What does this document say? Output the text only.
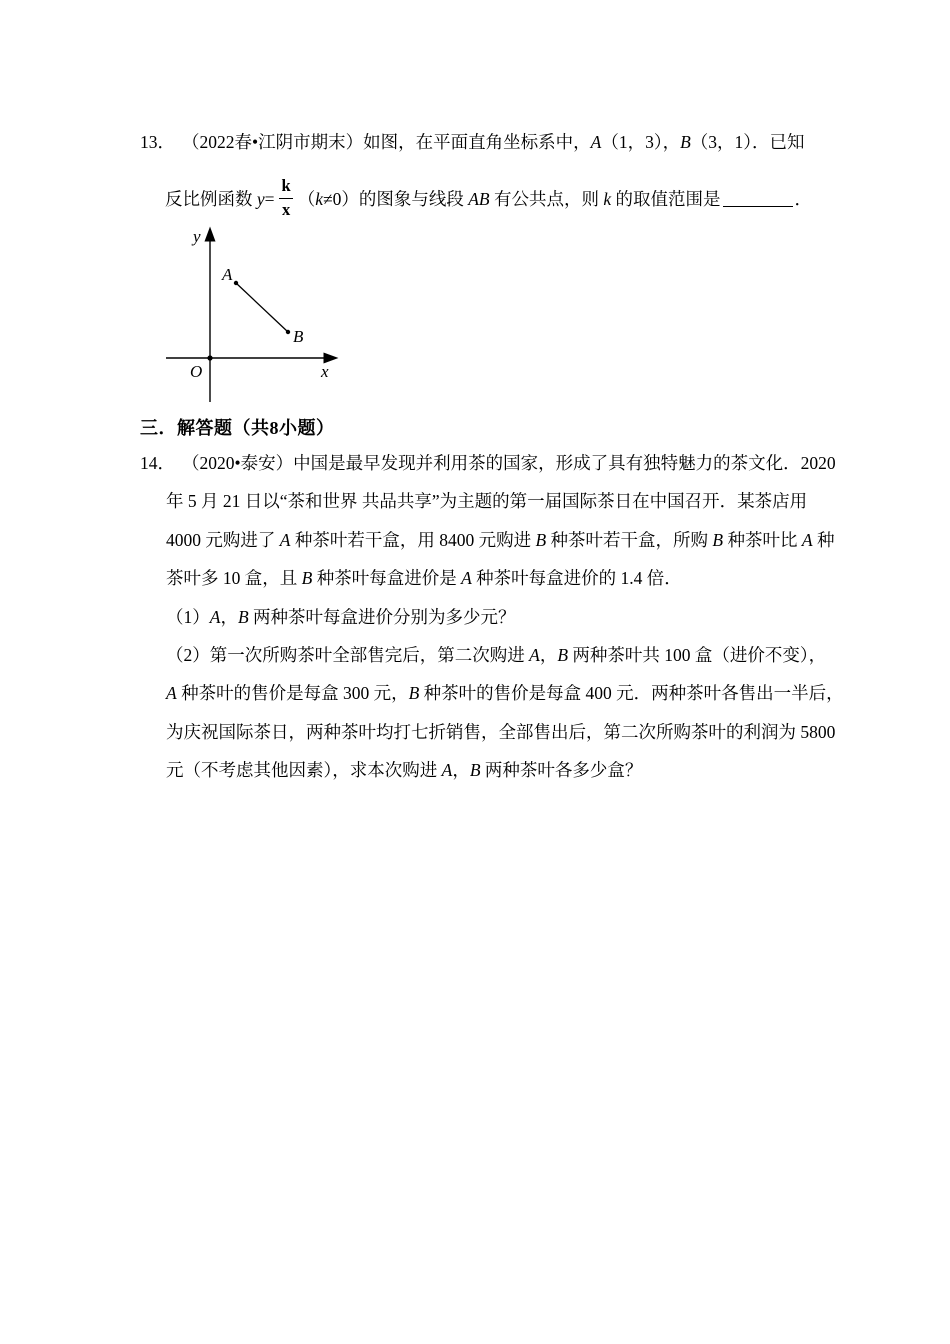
13． （2022春•江阴市期末）如图，在平面直角坐标系中，A（1，3），B（3，1）．已知
反比例函数 $y= \frac{k}{x} (k\ne 0)$的图象与线段 AB 有公共点，则 k 的取值范围是	．
y
x
O
A
B
三．解答题（共8小题）
14． （2020•泰安）中国是最早发现并利用茶的国家，形成了具有独特魅力的茶文化．2020
年 5 月 21 日以“茶和世界 共品共享”为主题的第一届国际茶日在中国召开．某茶店用
4000 元购进了 A 种茶叶若干盒，用 8400 元购进 B 种茶叶若干盒，所购 B 种茶叶比 A 种
茶叶多 10 盒，且 B 种茶叶每盒进价是 A 种茶叶每盒进价的 1.4 倍．
（1）A，B 两种茶叶每盒进价分别为多少元？
（2）第一次所购茶叶全部售完后，第二次购进 A，B 两种茶叶共 100 盒（进价不变），
A 种茶叶的售价是每盒 300 元，B 种茶叶的售价是每盒 400 元．两种茶叶各售出一半后，
为庆祝国际茶日，两种茶叶均打七折销售，全部售出后，第二次所购茶叶的利润为 5800
元（不考虑其他因素），求本次购进 A，B 两种茶叶各多少盒？
